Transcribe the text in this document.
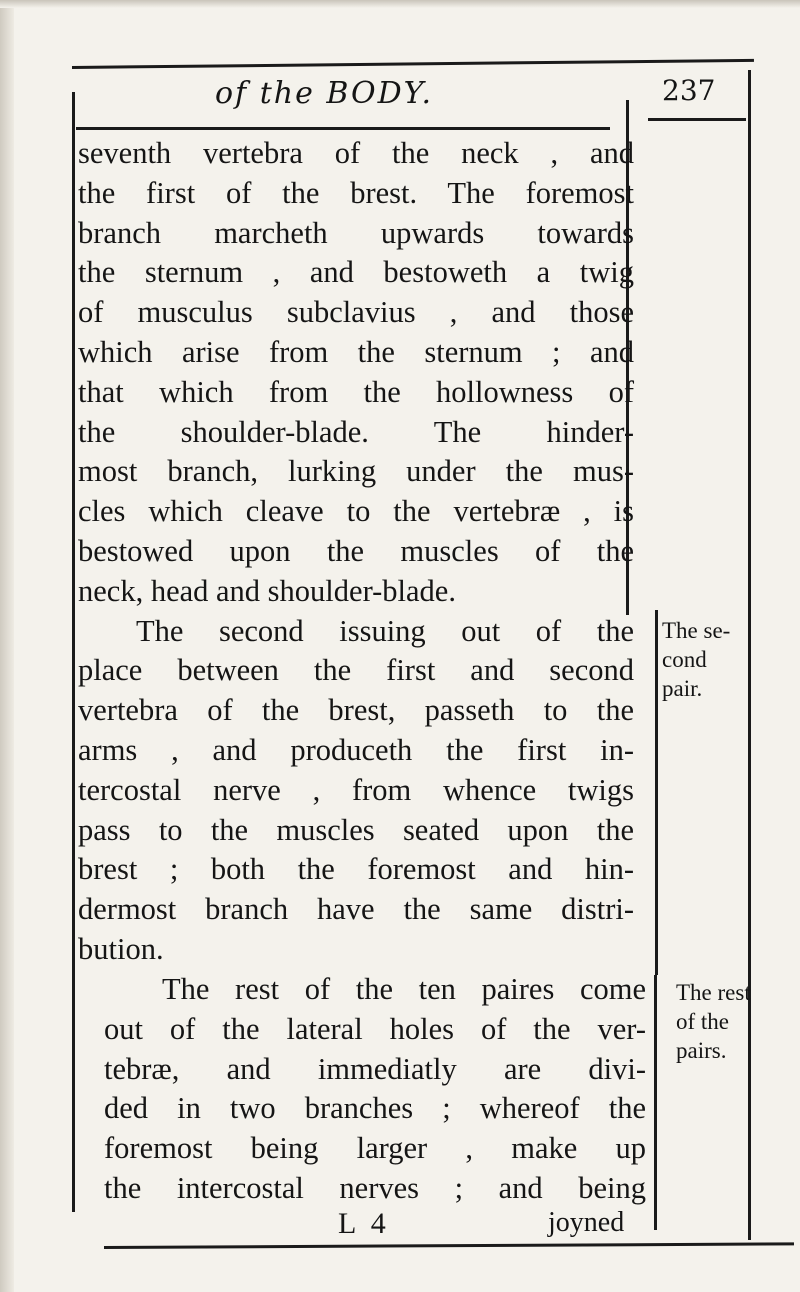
of the BODY.	237
seventh vertebra of the neck , and
the first of the brest. The foremost
branch marcheth upwards towards
the sternum , and bestoweth a twig
of musculus subclavius , and those
which arise from the sternum ; and
that which from the hollowness of
the shoulder-blade. The hinder-
most branch, lurking under the mus-
cles which cleave to the vertebræ , is
bestowed upon the muscles of the
neck, head and shoulder-blade.
The second issuing out of the
place between the first and second
vertebra of the brest, passeth to the
arms , and produceth the first in-
tercostal nerve , from whence twigs
pass to the muscles seated upon the
brest ; both the foremost and hin-
dermost branch have the same distri-
bution.
The rest of the ten paires come
out of the lateral holes of the ver-
tebræ, and immediatly are divi-
ded in two branches ; whereof the
foremost being larger , make up
the intercostal nerves ; and being
The se-
cond
pair.
The rest
of the
pairs.
L 4	joyned
